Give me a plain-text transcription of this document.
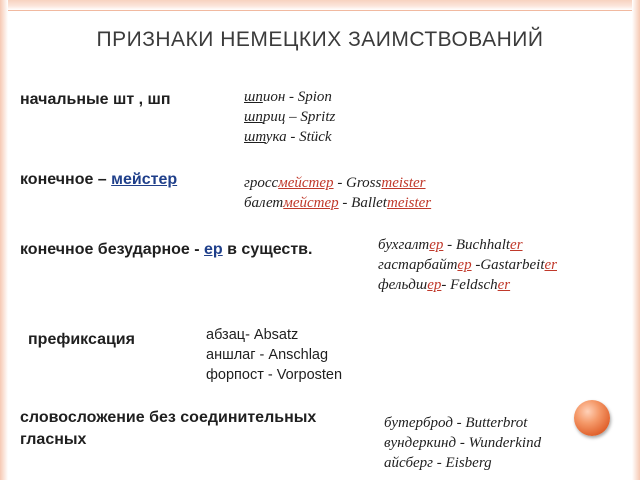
ПРИЗНАКИ НЕМЕЦКИХ ЗАИМСТВОВАНИЙ
начальные шт , шп	шпион - Spion
шприц – Spritz
штука - Stück
конечное – мейстер	гроссмейстер - Grossmeister
балетмейстер - Balletmeister
конечное безударное - ер в существ.	бухгалтер - Buchhalter
гастарбайтер -Gastarbeiter
фельдшер- Feldscher
префиксация	абзац- Absatz
аншлаг - Anschlag
форпост - Vorposten
словосложение без соединительных
гласных
бутерброд - Butterbrot
вундеркинд - Wunderkind
айсберг - Eisberg
